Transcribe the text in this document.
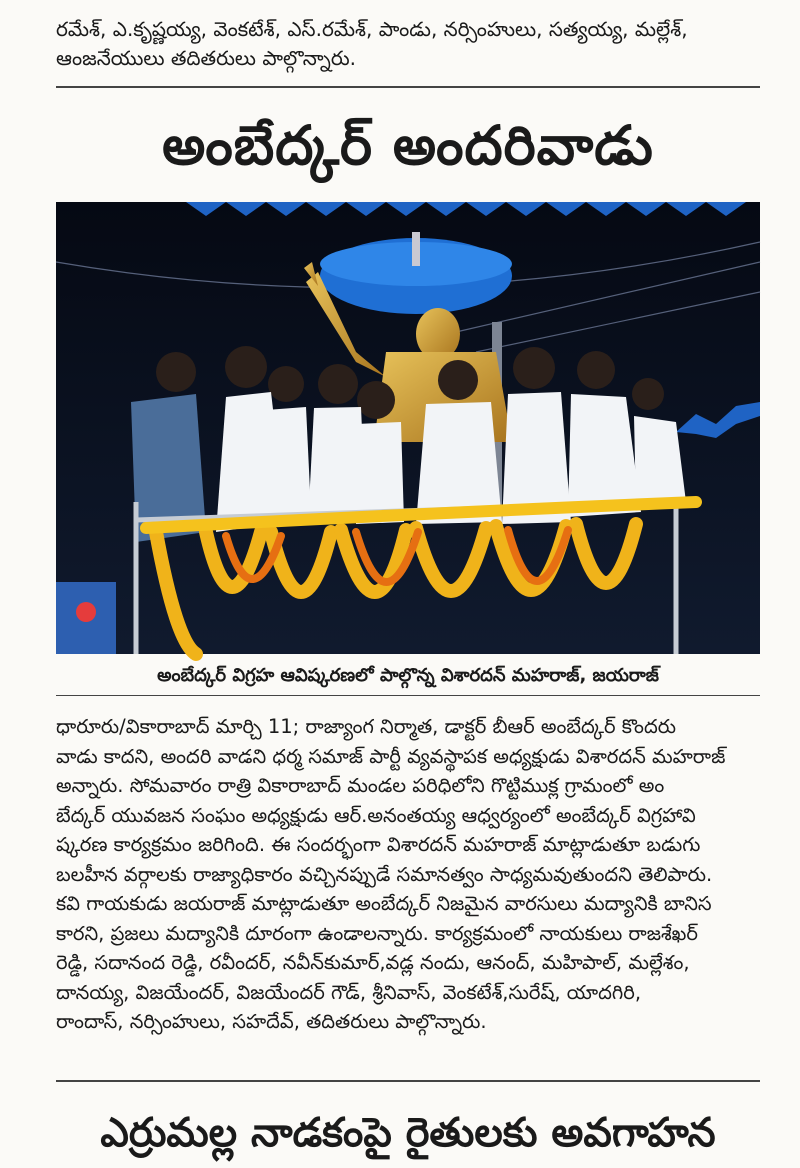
రమేశ్, ఎ.కృష్ణయ్య, వెంకటేశ్, ఎస్.రమేశ్, పాండు, నర్సింహులు, సత్యయ్య, మల్లేశ్,
ఆంజనేయులు తదితరులు పాల్గొన్నారు.
అంబేద్కర్ అందరివాడు
అంబేద్కర్ విగ్రహ ఆవిష్కరణలో పాల్గొన్న విశారదన్ మహరాజ్, జయరాజ్
ధారూరు/వికారాబాద్ మార్చి 11; రాజ్యాంగ నిర్మాత, డాక్టర్ బీఆర్ అంబేద్కర్ కొందరు
వాడు కాదని, అందరి వాడని ధర్మ సమాజ్ పార్టీ వ్యవస్థాపక అధ్యక్షుడు విశారదన్ మహరాజ్
అన్నారు. సోమవారం రాత్రి వికారాబాద్ మండల పరిధిలోని గొట్టిముక్ల గ్రామంలో అం
బేద్కర్ యువజన సంఘం అధ్యక్షుడు ఆర్.అనంతయ్య ఆధ్వర్యంలో అంబేద్కర్ విగ్రహావి
ష్కరణ కార్యక్రమం జరిగింది. ఈ సందర్భంగా విశారదన్ మహరాజ్ మాట్లాడుతూ బడుగు
బలహీన వర్గాలకు రాజ్యాధికారం వచ్చినప్పుడే సమానత్వం సాధ్యమవుతుందని తెలిపారు.
కవి గాయకుడు జయరాజ్ మాట్లాడుతూ అంబేద్కర్ నిజమైన వారసులు మద్యానికి బానిస
కారని, ప్రజలు మద్యానికి దూరంగా ఉండాలన్నారు. కార్యక్రమంలో నాయకులు రాజశేఖర్
రెడ్డి, సదానంద రెడ్డి, రవీందర్, నవీన్‌కుమార్,వడ్ల నందు, ఆనంద్, మహిపాల్, మల్లేశం,
దానయ్య, విజయేందర్, విజయేందర్ గౌడ్, శ్రీనివాస్, వెంకటేశ్,సురేష్, యాదగిరి,
రాందాస్, నర్సింహులు, సహదేవ్, తదితరులు పాల్గొన్నారు.
ఎర్రుమల్ల నాడకంపై రైతులకు అవగాహన
